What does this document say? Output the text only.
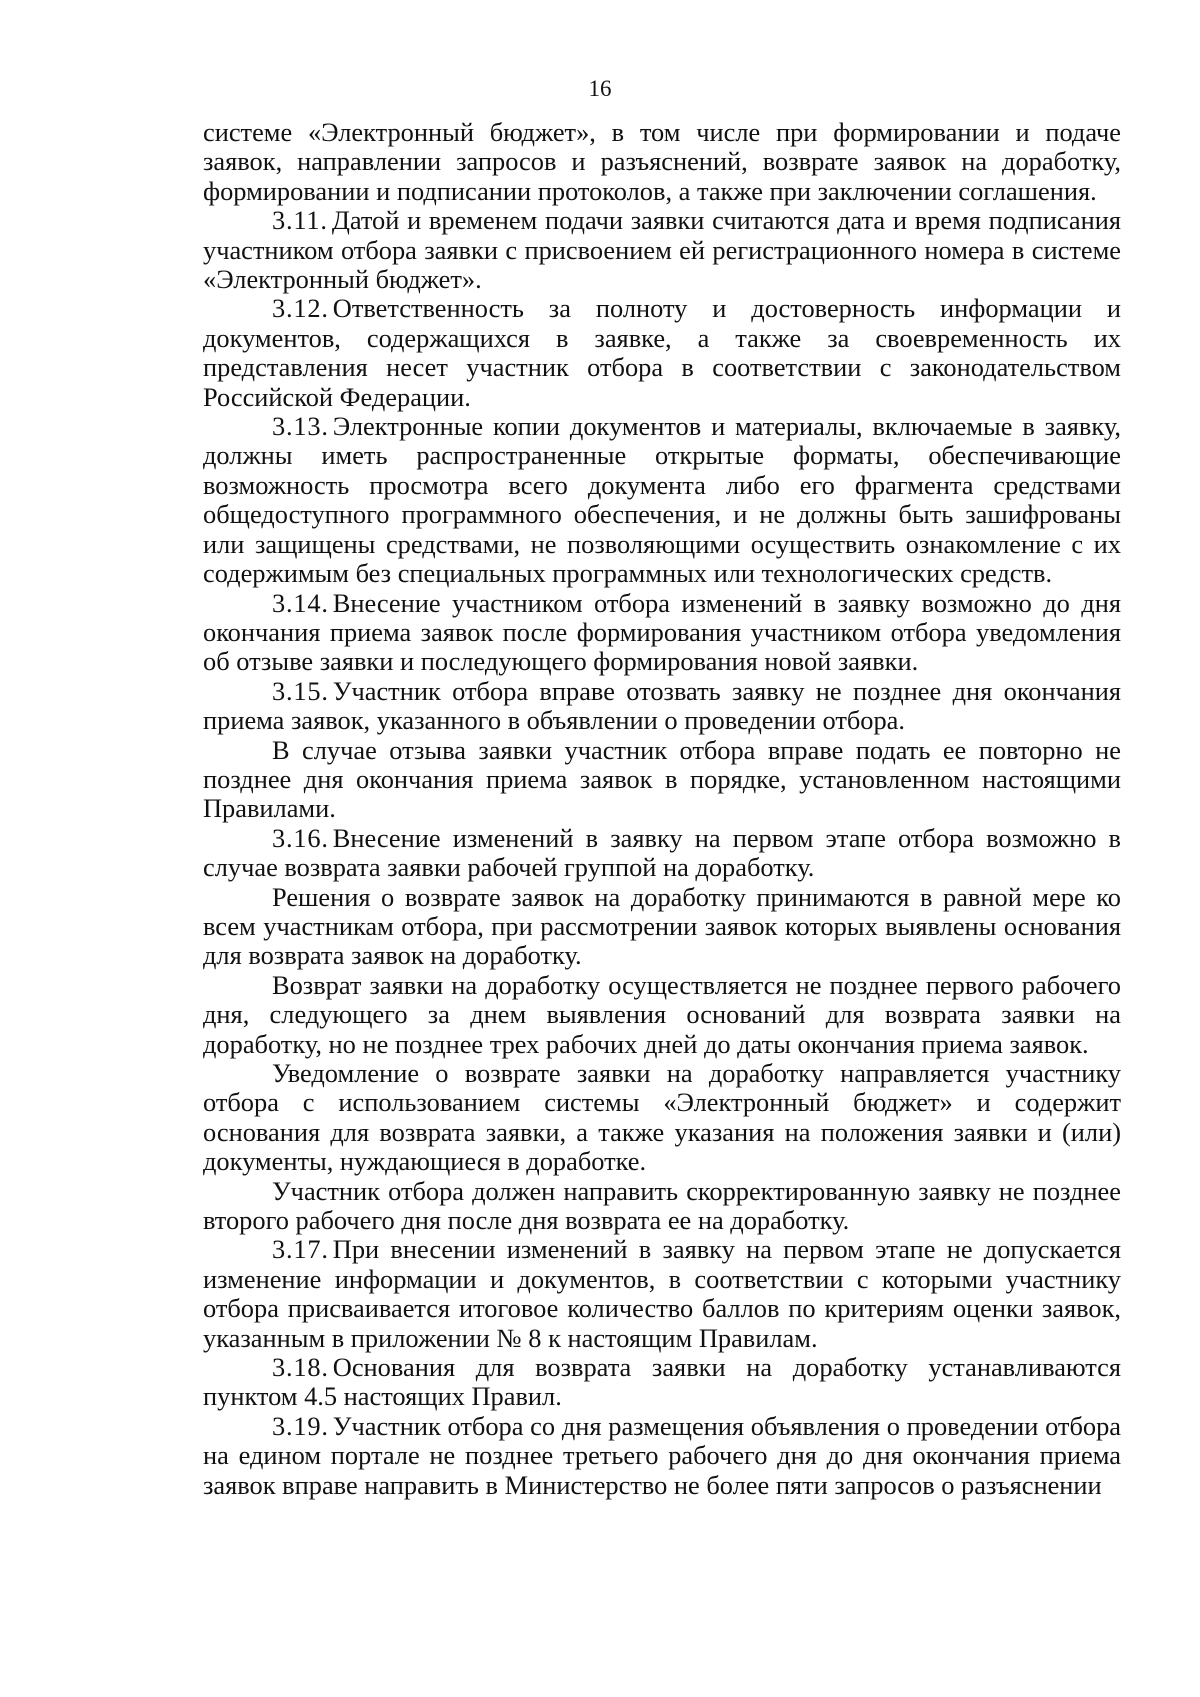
16

системе «Электронный бюджет», в том числе при формировании и подаче заявок, направлении запросов и разъяснений, возврате заявок на доработку, формировании и подписании протоколов, а также при заключении соглашения.

3.11. Датой и временем подачи заявки считаются дата и время подписания участником отбора заявки с присвоением ей регистрационного номера в системе «Электронный бюджет».

3.12. Ответственность за полноту и достоверность информации и документов, содержащихся в заявке, а также за своевременность их представления несет участник отбора в соответствии с законодательством Российской Федерации.

3.13. Электронные копии документов и материалы, включаемые в заявку, должны иметь распространенные открытые форматы, обеспечивающие возможность просмотра всего документа либо его фрагмента средствами общедоступного программного обеспечения, и не должны быть зашифрованы или защищены средствами, не позволяющими осуществить ознакомление с их содержимым без специальных программных или технологических средств.

3.14. Внесение участником отбора изменений в заявку возможно до дня окончания приема заявок после формирования участником отбора уведомления об отзыве заявки и последующего формирования новой заявки.

3.15. Участник отбора вправе отозвать заявку не позднее дня окончания приема заявок, указанного в объявлении о проведении отбора.

В случае отзыва заявки участник отбора вправе подать ее повторно не позднее дня окончания приема заявок в порядке, установленном настоящими Правилами.

3.16. Внесение изменений в заявку на первом этапе отбора возможно в случае возврата заявки рабочей группой на доработку.

Решения о возврате заявок на доработку принимаются в равной мере ко всем участникам отбора, при рассмотрении заявок которых выявлены основания для возврата заявок на доработку.

Возврат заявки на доработку осуществляется не позднее первого рабочего дня, следующего за днем выявления оснований для возврата заявки на доработку, но не позднее трех рабочих дней до даты окончания приема заявок.

Уведомление о возврате заявки на доработку направляется участнику отбора с использованием системы «Электронный бюджет» и содержит основания для возврата заявки, а также указания на положения заявки и (или) документы, нуждающиеся в доработке.

Участник отбора должен направить скорректированную заявку не позднее второго рабочего дня после дня возврата ее на доработку.

3.17. При внесении изменений в заявку на первом этапе не допускается изменение информации и документов, в соответствии с которыми участнику отбора присваивается итоговое количество баллов по критериям оценки заявок, указанным в приложении № 8 к настоящим Правилам.

3.18. Основания для возврата заявки на доработку устанавливаются пунктом 4.5 настоящих Правил.

3.19. Участник отбора со дня размещения объявления о проведении отбора на едином портале не позднее третьего рабочего дня до дня окончания приема заявок вправе направить в Министерство не более пяти запросов о разъяснении
